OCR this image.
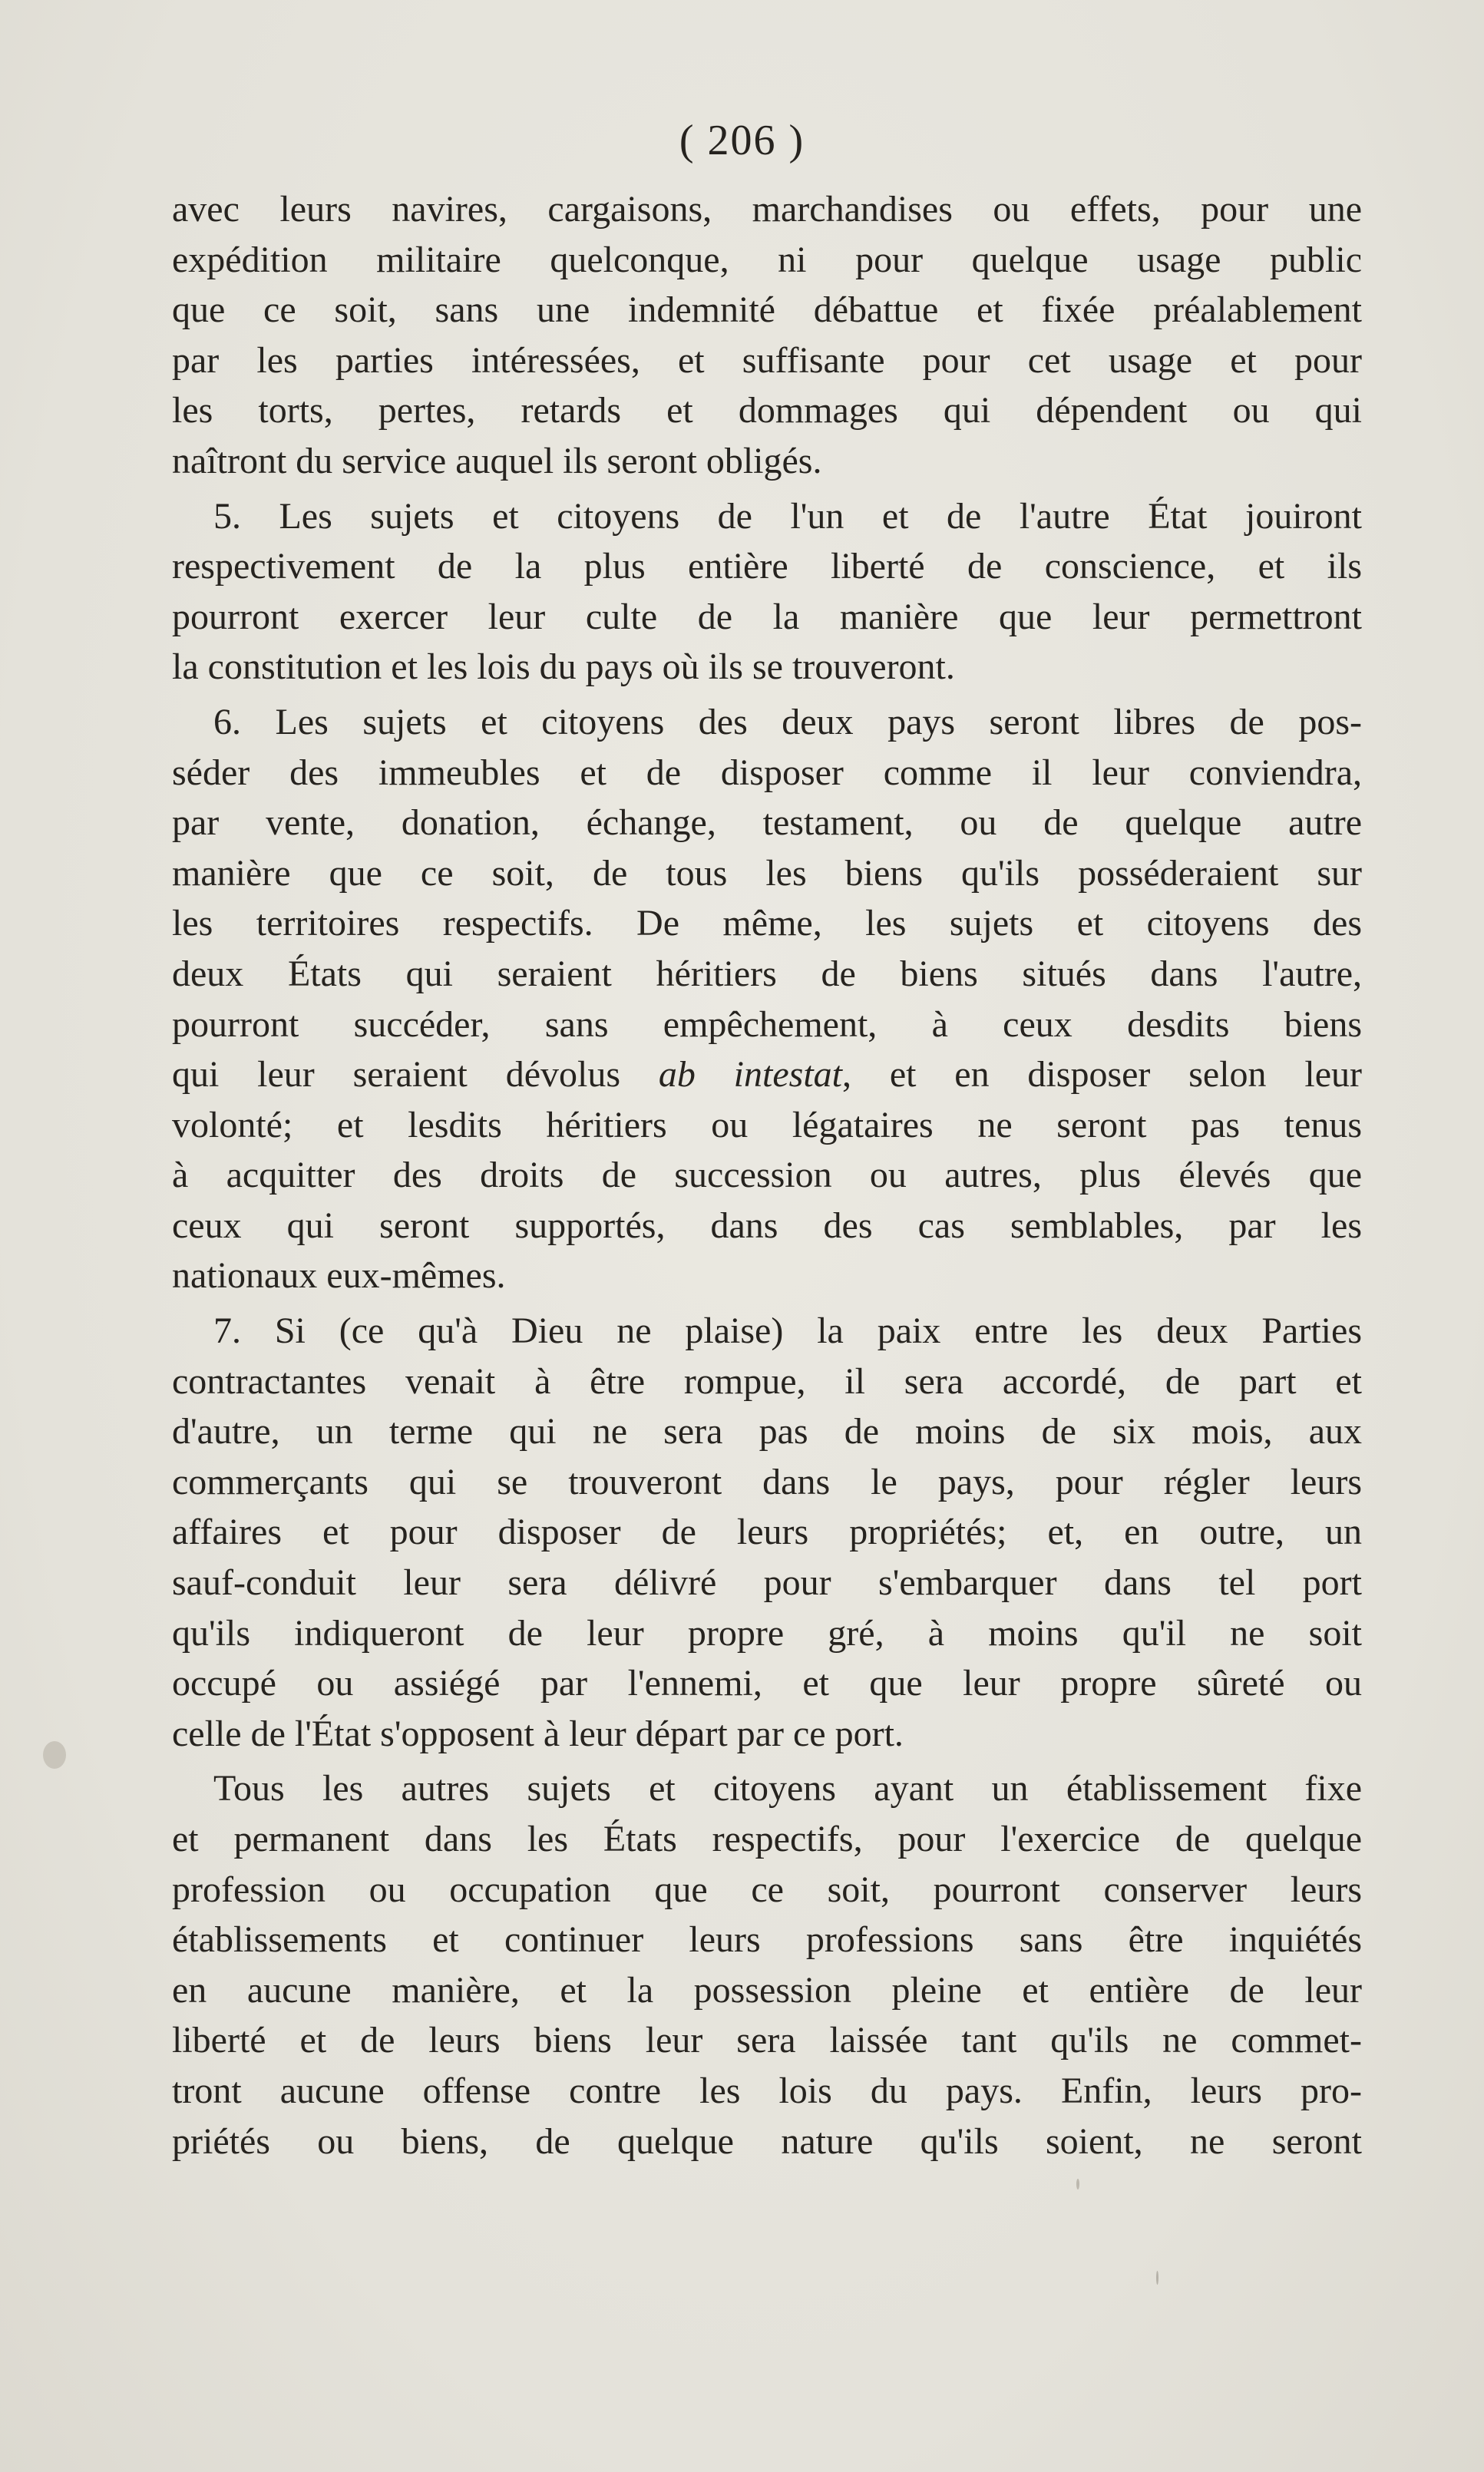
( 206 )
avec leurs navires, cargaisons, marchandises ou effets, pour une
expédition militaire quelconque, ni pour quelque usage public
que ce soit, sans une indemnité débattue et fixée préalablement
par les parties intéressées, et suffisante pour cet usage et pour
les torts, pertes, retards et dommages qui dépendent ou qui
naîtront du service auquel ils seront obligés.
5. Les sujets et citoyens de l'un et de l'autre État jouiront
respectivement de la plus entière liberté de conscience, et ils
pourront exercer leur culte de la manière que leur permettront
la constitution et les lois du pays où ils se trouveront.
6. Les sujets et citoyens des deux pays seront libres de pos-
séder des immeubles et de disposer comme il leur conviendra,
par vente, donation, échange, testament, ou de quelque autre
manière que ce soit, de tous les biens qu'ils posséderaient sur
les territoires respectifs. De même, les sujets et citoyens des
deux États qui seraient héritiers de biens situés dans l'autre,
pourront succéder, sans empêchement, à ceux desdits biens
qui leur seraient dévolus ab intestat, et en disposer selon leur
volonté; et lesdits héritiers ou légataires ne seront pas tenus
à acquitter des droits de succession ou autres, plus élevés que
ceux qui seront supportés, dans des cas semblables, par les
nationaux eux-mêmes.
7. Si (ce qu'à Dieu ne plaise) la paix entre les deux Parties
contractantes venait à être rompue, il sera accordé, de part et
d'autre, un terme qui ne sera pas de moins de six mois, aux
commerçants qui se trouveront dans le pays, pour régler leurs
affaires et pour disposer de leurs propriétés; et, en outre, un
sauf-conduit leur sera délivré pour s'embarquer dans tel port
qu'ils indiqueront de leur propre gré, à moins qu'il ne soit
occupé ou assiégé par l'ennemi, et que leur propre sûreté ou
celle de l'État s'opposent à leur départ par ce port.
Tous les autres sujets et citoyens ayant un établissement fixe
et permanent dans les États respectifs, pour l'exercice de quelque
profession ou occupation que ce soit, pourront conserver leurs
établissements et continuer leurs professions sans être inquiétés
en aucune manière, et la possession pleine et entière de leur
liberté et de leurs biens leur sera laissée tant qu'ils ne commet-
tront aucune offense contre les lois du pays. Enfin, leurs pro-
priétés ou biens, de quelque nature qu'ils soient, ne seront
